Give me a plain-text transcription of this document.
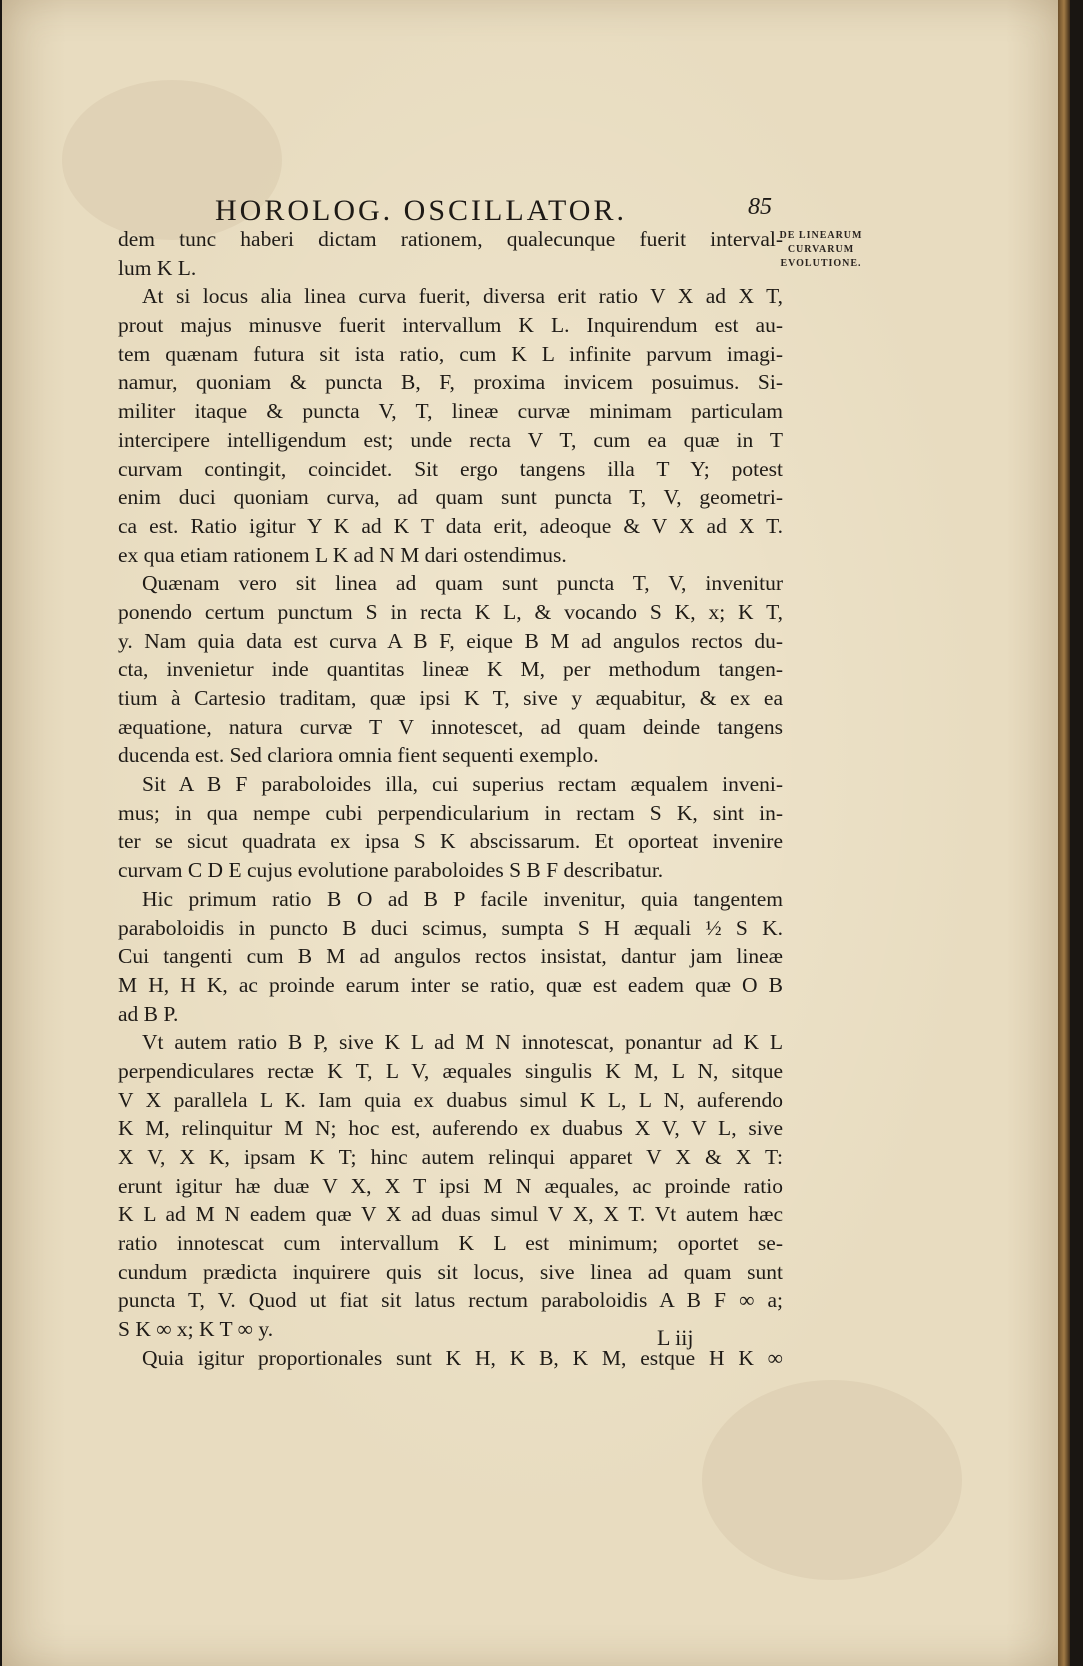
HOROLOG. OSCILLATOR.	85
DE LINEARUM
CURVARUM
EVOLUTIONE.
dem tunc haberi dictam rationem, qualecunque fuerit interval-
lum K L.
At si locus alia linea curva fuerit, diversa erit ratio V X ad X T,
prout majus minusve fuerit intervallum K L. Inquirendum est au-
tem quænam futura sit ista ratio, cum K L infinite parvum imagi-
namur, quoniam & puncta B, F, proxima invicem posuimus. Si-
militer itaque & puncta V, T, lineæ curvæ minimam particulam
intercipere intelligendum est; unde recta V T, cum ea quæ in T
curvam contingit, coincidet. Sit ergo tangens illa T Y; potest
enim duci quoniam curva, ad quam sunt puncta T, V, geometri-
ca est. Ratio igitur Y K ad K T data erit, adeoque & V X ad X T.
ex qua etiam rationem L K ad N M dari ostendimus.
Quænam vero sit linea ad quam sunt puncta T, V, invenitur
ponendo certum punctum S in recta K L, & vocando S K, x; K T,
y. Nam quia data est curva A B F, eique B M ad angulos rectos du-
cta, invenietur inde quantitas lineæ K M, per methodum tangen-
tium à Cartesio traditam, quæ ipsi K T, sive y æquabitur, & ex ea
æquatione, natura curvæ T V innotescet, ad quam deinde tangens
ducenda est. Sed clariora omnia fient sequenti exemplo.
Sit A B F paraboloides illa, cui superius rectam æqualem inveni-
mus; in qua nempe cubi perpendicularium in rectam S K, sint in-
ter se sicut quadrata ex ipsa S K abscissarum. Et oporteat invenire
curvam C D E cujus evolutione paraboloides S B F describatur.
Hic primum ratio B O ad B P facile invenitur, quia tangentem
paraboloidis in puncto B duci scimus, sumpta S H æquali ½ S K.
Cui tangenti cum B M ad angulos rectos insistat, dantur jam lineæ
M H, H K, ac proinde earum inter se ratio, quæ est eadem quæ O B
ad B P.
Vt autem ratio B P, sive K L ad M N innotescat, ponantur ad K L
perpendiculares rectæ K T, L V, æquales singulis K M, L N, sitque
V X parallela L K. Iam quia ex duabus simul K L, L N, auferendo
K M, relinquitur M N; hoc est, auferendo ex duabus X V, V L, sive
X V, X K, ipsam K T; hinc autem relinqui apparet V X & X T:
erunt igitur hæ duæ V X, X T ipsi M N æquales, ac proinde ratio
K L ad M N eadem quæ V X ad duas simul V X, X T. Vt autem hæc
ratio innotescat cum intervallum K L est minimum; oportet se-
cundum prædicta inquirere quis sit locus, sive linea ad quam sunt
puncta T, V. Quod ut fiat sit latus rectum paraboloidis A B F ∞ a;
S K ∞ x; K T ∞ y.
Quia igitur proportionales sunt K H, K B, K M, estque H K ∞
L iij
